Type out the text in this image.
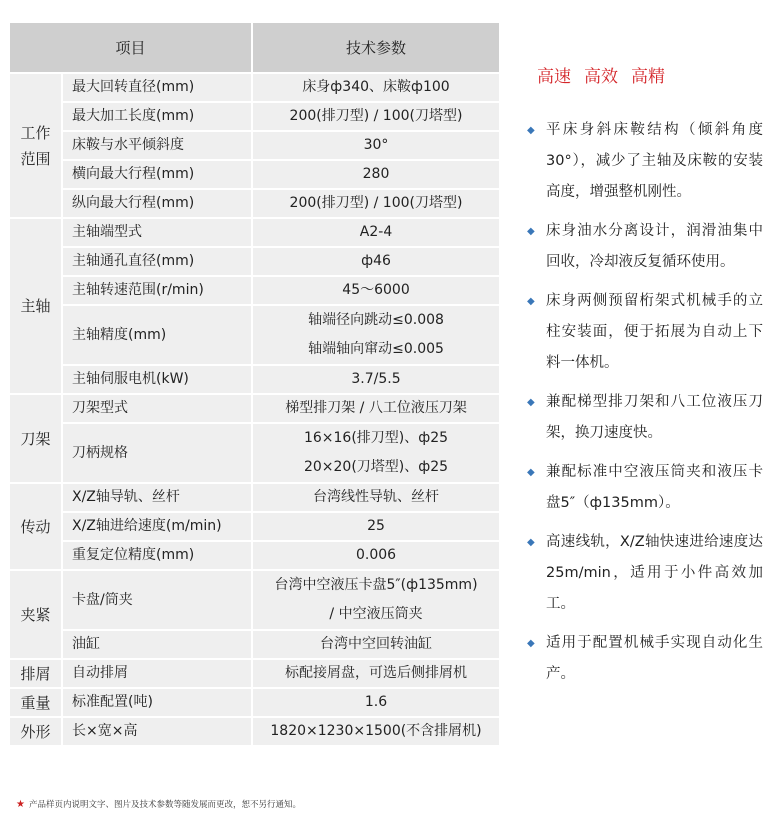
项目		技术参数

工作
范围	最大回转直径(mm)	床身ф340、床鞍ф100
	最大加工长度(mm)	200(排刀型) / 100(刀塔型)
	床鞍与水平倾斜度	30°
	横向最大行程(mm)	280
	纵向最大行程(mm)	200(排刀型) / 100(刀塔型)
主轴	主轴端型式	A2-4
	主轴通孔直径(mm)	ф46
	主轴转速范围(r/min)	45～6000
	主轴精度(mm)	轴端径向跳动≤0.008
轴端轴向窜动≤0.005

	主轴伺服电机(kW)	3.7/5.5
刀架	刀架型式	梯型排刀架 / 八工位液压刀架
	刀柄规格	16×16(排刀型)、ф25
20×20(刀塔型)、ф25

传动	X/Z轴导轨、丝杆	台湾线性导轨、丝杆
	X/Z轴进给速度(m/min)	25
	重复定位精度(mm)	0.006
夹紧	卡盘/筒夹	台湾中空液压卡盘5″(ф135mm)
/ 中空液压筒夹

	油缸	台湾中空回转油缸
排屑	自动排屑	标配接屑盘，可选后侧排屑机
重量	标准配置(吨)	1.6
外形	长×宽×高	1820×1230×1500(不含排屑机)
★ 产品样页内说明文字、图片及技术参数等随发展而更改，恕不另行通知。
高速 高效 高精
◆ 平床身斜床鞍结构（倾斜角度30°），减少了主轴及床鞍的安装高度，增强整机刚性。
◆ 床身油水分离设计，润滑油集中回收，冷却液反复循环使用。
◆ 床身两侧预留桁架式机械手的立柱安装面，便于拓展为自动上下料一体机。
◆ 兼配梯型排刀架和八工位液压刀架，换刀速度快。
◆ 兼配标准中空液压筒夹和液压卡盘5″（ф135mm）。
◆ 高速线轨，X/Z轴快速进给速度达25m/min，适用于小件高效加工。
◆ 适用于配置机械手实现自动化生产。
